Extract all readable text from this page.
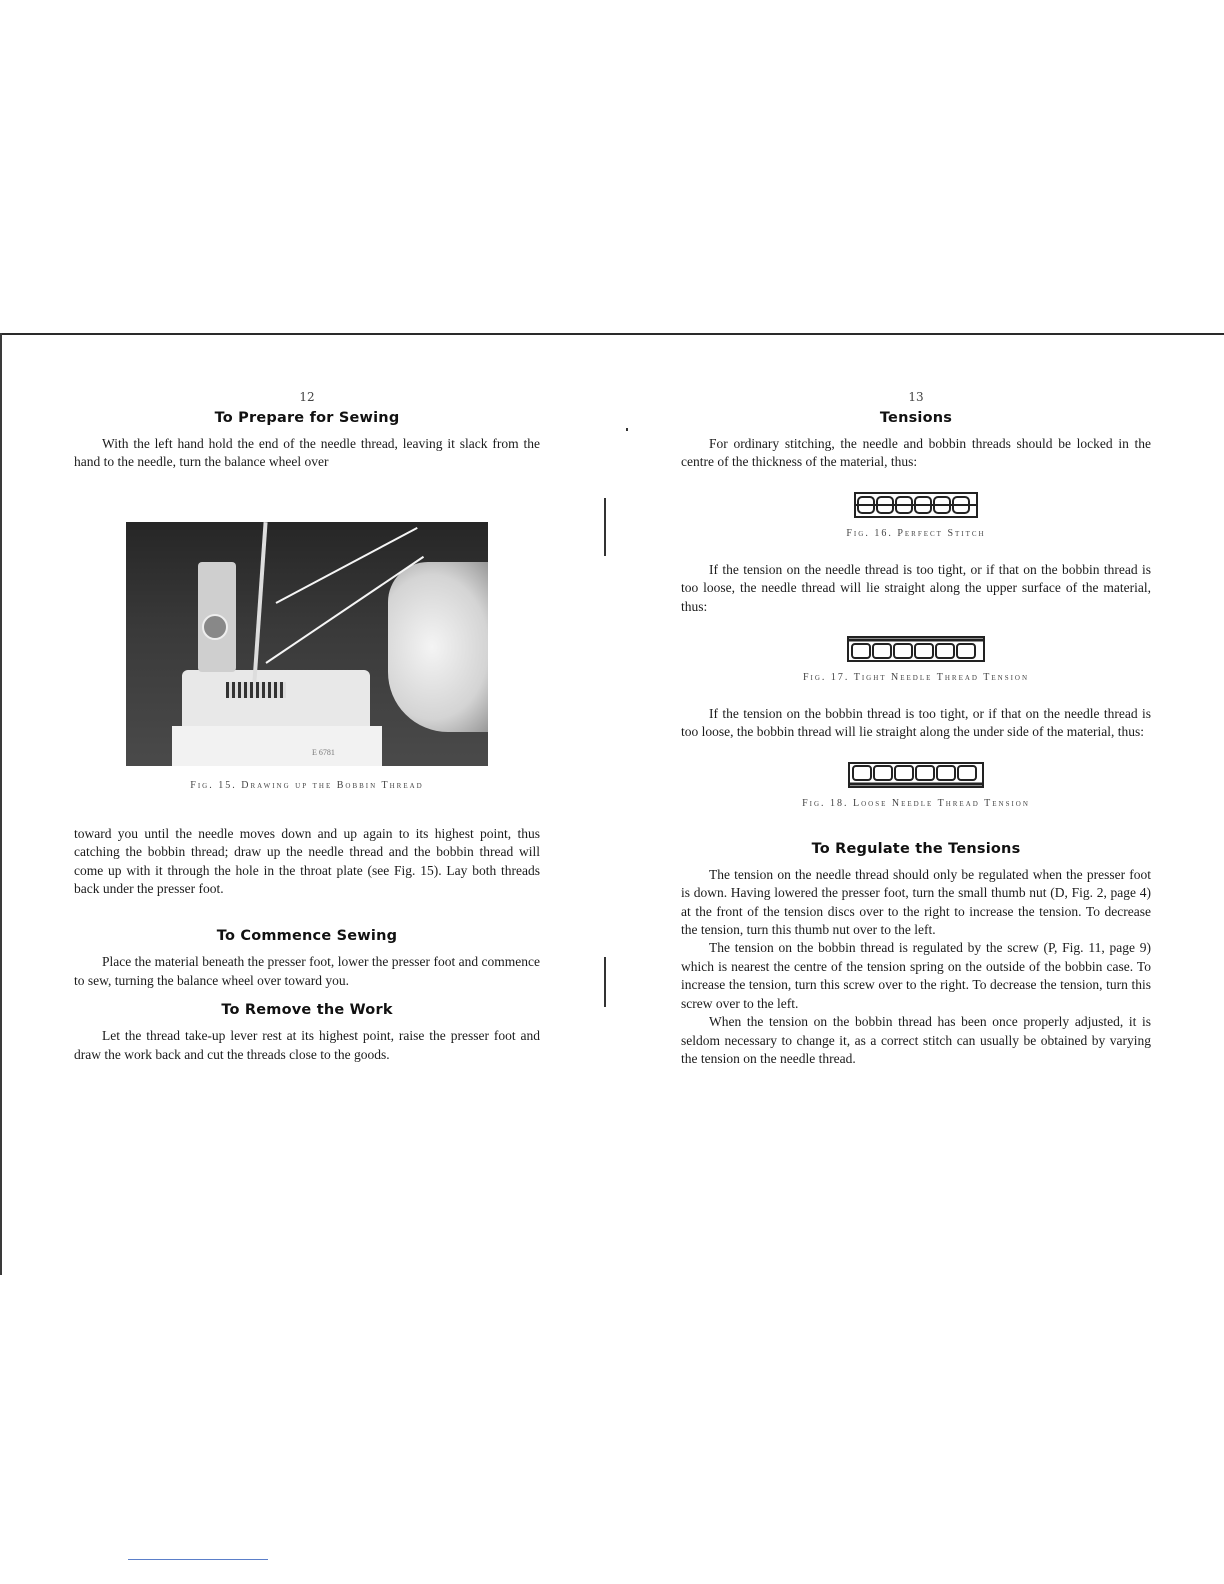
12
To Prepare for Sewing

With the left hand hold the end of the needle thread, leaving it slack from the hand to the needle, turn the balance wheel over

E 6781

Fig. 15. Drawing up the Bobbin Thread

toward you until the needle moves down and up again to its highest point, thus catching the bobbin thread; draw up the needle thread and the bobbin thread will come up with it through the hole in the throat plate (see Fig. 15). Lay both threads back under the presser foot.

To Commence Sewing

Place the material beneath the presser foot, lower the presser foot and commence to sew, turning the balance wheel over toward you.

To Remove the Work

Let the thread take-up lever rest at its highest point, raise the presser foot and draw the work back and cut the threads close to the goods.

13
Tensions

For ordinary stitching, the needle and bobbin threads should be locked in the centre of the thickness of the material, thus:

Fig. 16. Perfect Stitch

If the tension on the needle thread is too tight, or if that on the bobbin thread is too loose, the needle thread will lie straight along the upper surface of the material, thus:

Fig. 17. Tight Needle Thread Tension

If the tension on the bobbin thread is too tight, or if that on the needle thread is too loose, the bobbin thread will lie straight along the under side of the material, thus:

Fig. 18. Loose Needle Thread Tension

To Regulate the Tensions

The tension on the needle thread should only be regulated when the presser foot is down. Having lowered the presser foot, turn the small thumb nut (D, Fig. 2, page 4) at the front of the tension discs over to the right to increase the tension. To decrease the tension, turn this thumb nut over to the left.

The tension on the bobbin thread is regulated by the screw (P, Fig. 11, page 9) which is nearest the centre of the tension spring on the outside of the bobbin case. To increase the tension, turn this screw over to the right. To decrease the tension, turn this screw over to the left.

When the tension on the bobbin thread has been once properly adjusted, it is seldom necessary to change it, as a correct stitch can usually be obtained by varying the tension on the needle thread.
